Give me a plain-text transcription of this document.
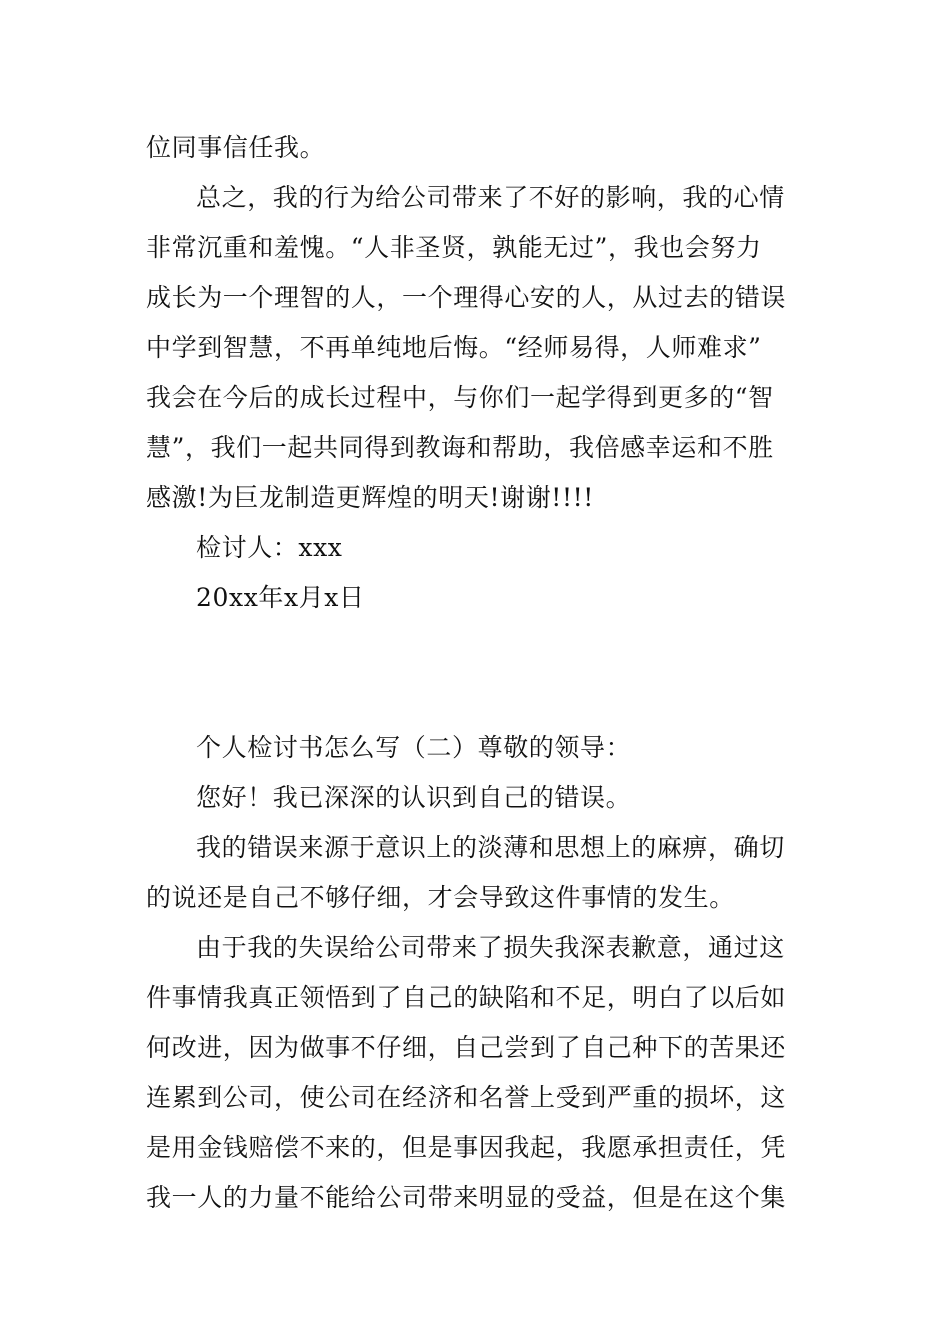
位同事信任我。
总之，我的行为给公司带来了不好的影响，我的心情
非常沉重和羞愧。“人非圣贤，孰能无过”，我也会努力
成长为一个理智的人，一个理得心安的人，从过去的错误
中学到智慧，不再单纯地后悔。“经师易得，人师难求”
我会在今后的成长过程中，与你们一起学得到更多的“智
慧”，我们一起共同得到教诲和帮助，我倍感幸运和不胜
感激!为巨龙制造更辉煌的明天!谢谢!!!!
检讨人：xxx
20xx年x月x日
个人检讨书怎么写（二）尊敬的领导：
您好！我已深深的认识到自己的错误。
我的错误来源于意识上的淡薄和思想上的麻痹，确切
的说还是自己不够仔细，才会导致这件事情的发生。
由于我的失误给公司带来了损失我深表歉意，通过这
件事情我真正领悟到了自己的缺陷和不足，明白了以后如
何改进，因为做事不仔细，自己尝到了自己种下的苦果还
连累到公司，使公司在经济和名誉上受到严重的损坏，这
是用金钱赔偿不来的，但是事因我起，我愿承担责任，凭
我一人的力量不能给公司带来明显的受益，但是在这个集
